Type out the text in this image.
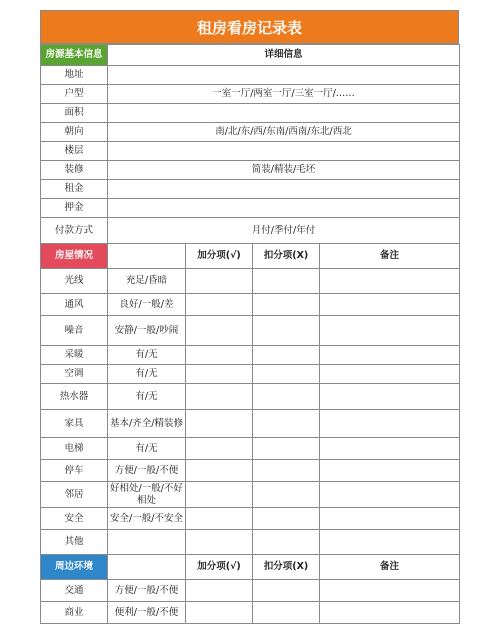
租房看房记录表
房源基本信息	详细信息			
地址				
户型	一室一厅/两室一厅/三室一厅/……			
面积				
朝向	南/北/东/西/东南/西南/东北/西北			
楼层				
装修	简装/精装/毛坯			
租金				
押金				
付款方式	月付/季付/年付			
房屋情况		加分项(√)	扣分项(X)	备注
光线	充足/昏暗			
通风	良好/一般/差			
噪音	安静/一般/吵闹			
采暖	有/无			
空调	有/无			
热水器	有/无			
家具	基本/齐全/精装修			
电梯	有/无			
停车	方便/一般/不便			
邻居	好相处/一般/不好相处			
安全	安全/一般/不安全			
其他				
周边环境		加分项(√)	扣分项(X)	备注
交通	方便/一般/不便			
商业	便利/一般/不便			
